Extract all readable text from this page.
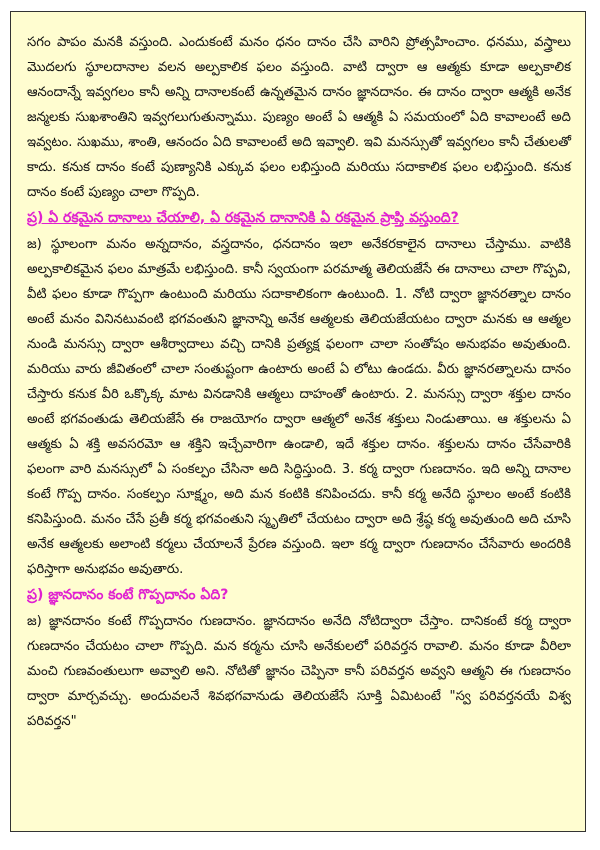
సగం పాపం మనకి వస్తుంది. ఎందుకంటే మనం ధనం దానం చేసి వారిని ప్రోత్సహించాం. ధనము, వస్త్రాలు మొదలగు స్థూలదానాల వలన అల్పకాలిక ఫలం వస్తుంది. వాటి ద్వారా ఆ ఆత్మకు కూడా అల్పకాలిక ఆనందాన్నే ఇవ్వగలం కానీ అన్ని దానాలకంటే ఉన్నతమైన దానం జ్ఞానదానం. ఈ దానం ద్వారా ఆత్మకి అనేక జన్మలకు సుఖశాంతిని ఇవ్వగలుగుతున్నాము. పుణ్యం అంటే ఏ ఆత్మకి ఏ సమయంలో ఏది కావాలంటే అది ఇవ్వటం. సుఖము, శాంతి, ఆనందం ఏది కావాలంటే అది ఇవ్వాలి. ఇవి మనస్సుతో ఇవ్వగలం కానీ చేతులతో కాదు. కనుక దానం కంటే పుణ్యానికి ఎక్కువ ఫలం లభిస్తుంది మరియు సదాకాలిక ఫలం లభిస్తుంది. కనుక దానం కంటే పుణ్యం చాలా గొప్పది.

ప్ర) ఏ రకమైన దానాలు చేయాలి, ఏ రకమైన దానానికి ఏ రకమైన ప్రాప్తి వస్తుంది?

జ) స్థూలంగా మనం అన్నదానం, వస్త్రదానం, ధనదానం ఇలా అనేకరకాలైన దానాలు చేస్తాము. వాటికి అల్పకాలికమైన ఫలం మాత్రమే లభిస్తుంది. కానీ స్వయంగా పరమాత్మ తెలియజేసే ఈ దానాలు చాలా గొప్పవి, వీటి ఫలం కూడా గొప్పగా ఉంటుంది మరియు సదాకాలికంగా ఉంటుంది. 1. నోటి ద్వారా జ్ఞానరత్నాల దానం అంటే మనం వినినటువంటి భగవంతుని జ్ఞానాన్ని అనేక ఆత్మలకు తెలియజేయటం ద్వారా మనకు ఆ ఆత్మల నుండి మనస్సు ద్వారా ఆశీర్వాదాలు వచ్చి దానికి ప్రత్యక్ష ఫలంగా చాలా సంతోషం అనుభవం అవుతుంది. మరియు వారు జీవితంలో చాలా సంతుష్టంగా ఉంటారు అంటే ఏ లోటు ఉండదు. వీరు జ్ఞానరత్నాలను దానం చేస్తారు కనుక వీరి ఒక్కొక్క మాట వినడానికి ఆత్మలు దాహంతో ఉంటారు. 2. మనస్సు ద్వారా శక్తుల దానం అంటే భగవంతుడు తెలియజేసే ఈ రాజయోగం ద్వారా ఆత్మలో అనేక శక్తులు నిండుతాయి. ఆ శక్తులను ఏ ఆత్మకు ఏ శక్తి అవసరమో ఆ శక్తిని ఇచ్చేవారిగా ఉండాలి, ఇదే శక్తుల దానం. శక్తులను దానం చేసేవారికి ఫలంగా వారి మనస్సులో ఏ సంకల్పం చేసినా అది సిద్ధిస్తుంది. 3. కర్మ ద్వారా గుణదానం. ఇది అన్ని దానాల కంటే గొప్ప దానం. సంకల్పం సూక్ష్మం, అది మన కంటికి కనిపించదు. కానీ కర్మ అనేది స్థూలం అంటే కంటికి కనిపిస్తుంది. మనం చేసే ప్రతీ కర్మ భగవంతుని స్మృతిలో చేయటం ద్వారా అది శ్రేష్ఠ కర్మ అవుతుంది అది చూసి అనేక ఆత్మలకు అలాంటి కర్మలు చేయాలనే ప్రేరణ వస్తుంది. ఇలా కర్మ ద్వారా గుణదానం చేసేవారు అందరికి ఫరిస్తాగా అనుభవం అవుతారు.

ప్ర) జ్ఞానదానం కంటే గొప్పదానం ఏది?

జ) జ్ఞానదానం కంటే గొప్పదానం గుణదానం. జ్ఞానదానం అనేది నోటిద్వారా చేస్తాం. దానికంటే కర్మ ద్వారా గుణదానం చేయటం చాలా గొప్పది. మన కర్మను చూసి అనేకులలో పరివర్తన రావాలి. మనం కూడా వీరిలా మంచి గుణవంతులుగా అవ్వాలి అని. నోటితో జ్ఞానం చెప్పినా కానీ పరివర్తన అవ్వని ఆత్మని ఈ గుణదానం ద్వారా మార్చవచ్చు. అందువలనే శివభగవానుడు తెలియజేసే సూక్తి ఏమిటంటే "స్వ పరివర్తనయే విశ్వ పరివర్తన"
